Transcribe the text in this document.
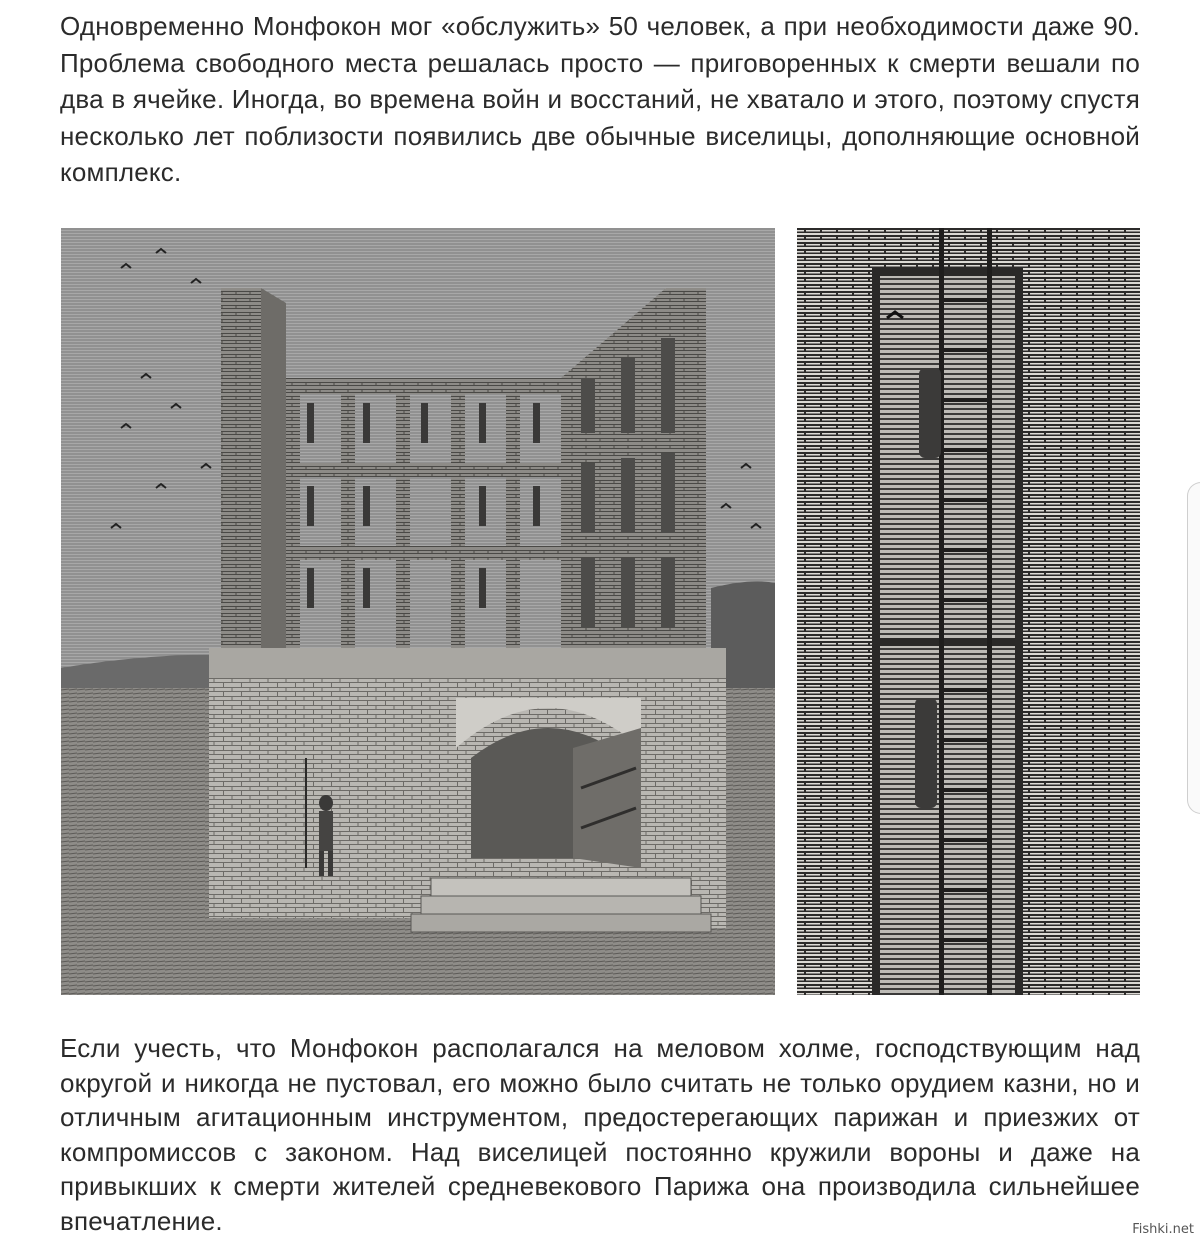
Одновременно Монфокон мог «обслужить» 50 человек, а при необходимости даже 90. Проблема свободного места решалась просто — приговоренных к смерти вешали по два в ячейке. Иногда, во времена войн и восстаний, не хватало и этого, поэтому спустя несколько лет поблизости появились две обычные виселицы, дополняющие основной комплекс.

Если учесть, что Монфокон располагался на меловом холме, господствующим над округой и никогда не пустовал, его можно было считать не только орудием казни, но и отличным агитационным инструментом, предостерегающих парижан и приезжих от компромиссов с законом. Над виселицей постоянно кружили вороны и даже на привыкших к смерти жителей средневекового Парижа она производила сильнейшее впечатление.	Fishki.net
